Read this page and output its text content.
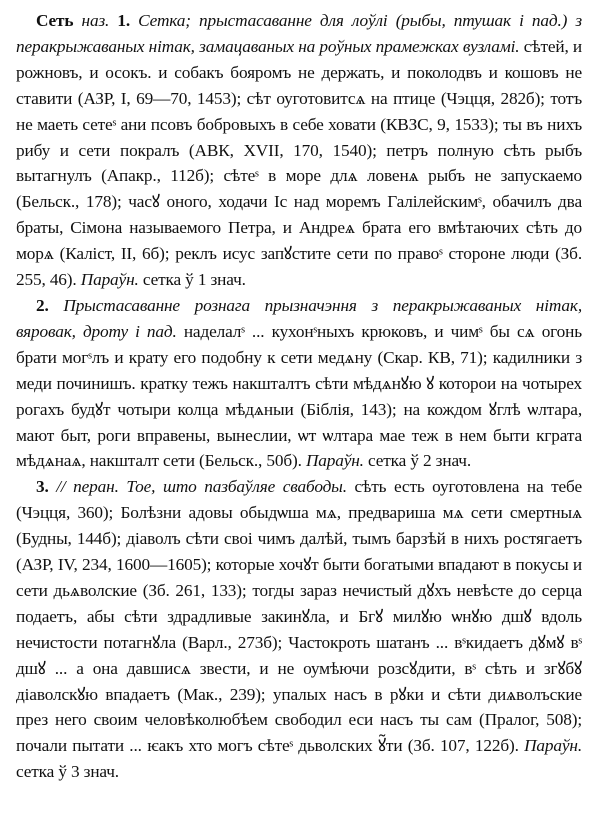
Сеть наз. 1. Сетка; прыстасаванне для лоўлі (рыбы, птушак і пад.) з перакрыжаваных нітак, замацаваных на роўных прамежках вузламі. сѣтей, и рожновъ, и осокъ. и собакъ бояромъ не держать, и поколодвъ и кошовъ не ставити (АЗР, I, 69—70, 1453); сѣт оуготовитсѧ на птице (Чэцця, 282б); тотъ не маеть сетеˢ ани псовъ бобровыхъ в себе ховати (КВЗС, 9, 1533); ты въ нихъ рибу и сети покралъ (АВК, XVII, 170, 1540); петръ полную сѣть рыбъ вытагнулъ (Апакр., 112б); сѣтеˢ в море длѧ ловенѧ рыбъ не запускаемо (Бельск., 178); часꙋ оного, ходачи Іс над моремъ Галілейскимˢ, обачилъ два браты, Сімона называемого Петра, и Андреѧ брата его вмѣтаючих сѣть до морѧ (Каліст, II, 6б); реклъ исус запꙋстите сети по правоˢ стороне люди (Зб. 255, 46). Параўн. сетка ў 1 знач.

2. Прыстасаванне рознага прызначэння з перакрыжаваных нітак, вяровак, дроту і пад. наделалˢ ... кухонˢныхъ крюковъ, и чимˢ бы сѧ огонь брати могˢлъ и крату его подобну к сети медѧну (Скар. КВ, 71); кадилники з меди починишъ. кратку тежъ накшталтъ сѣти мѣдѧнꙋю ꙋ которои на чотырех рогахъ будꙋт чотыри колца мѣдѧныи (Біблія, 143); на кождом ꙋглѣ ѡлтара, мают быт, роги вправены, вынеслии, ѡт ѡлтара мае теж в нем быти кграта мѣдѧнаѧ, накшталт сети (Бельск., 50б). Параўн. сетка ў 2 знач.

3. // перан. Тое, што пазбаўляе свабоды. сѣть есть оуготовлена на тебе (Чэцця, 360); Болѣзни адовы обыдѡша мѧ, предвариша мѧ сети смертныѧ (Будны, 144б); діаволъ сѣти своі чимъ далѣй, тымъ барзѣй в нихъ ростягаетъ (АЗР, IV, 234, 1600—1605); которые хочꙋт быти богатыми впадают в покусы и сети дьѧволские (Зб. 261, 133); тогды зараз нечистый дꙋхъ невѣсте до серца подаетъ, абы сѣти здрадливые закинꙋла, и Бгꙋ милꙋю ѡнꙋю дшꙋ вдоль нечистости потагнꙋла (Варл., 273б); Частокроть шатанъ ... вˢкидаетъ дꙋмꙋ вˢ дшꙋ ... а она давшисѧ звести, и не оумѣючи розсꙋдити, вˢ сѣть и згꙋбꙋ діаволскꙋю впадаетъ (Мак., 239); упалых насъ в рꙋки и сѣти диѧволъские през него своим человѣколюбѣем свободил еси насъ ты сам (Пралог, 508); почали пытати ... ѥакъ хто могъ сѣтеˢ дьволских ꙋ̃ти (Зб. 107, 122б). Параўн. сетка ў 3 знач.
